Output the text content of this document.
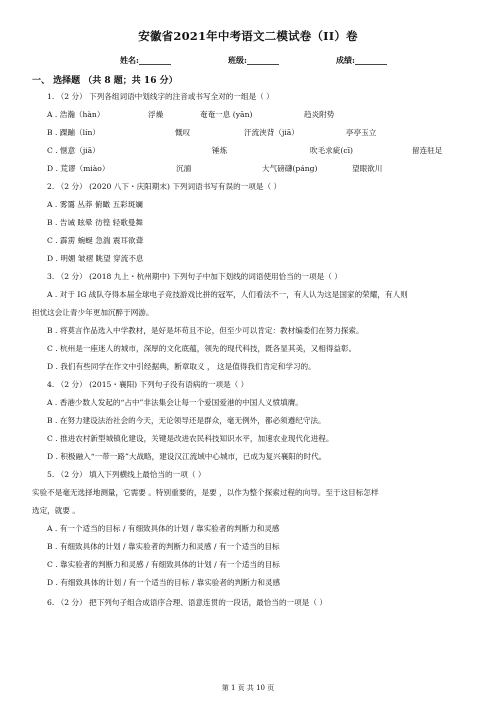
安徽省2021年中考语文二模试卷（II）卷
姓名:________	班级:________	成绩:________
一、 选择题 （共 8 题；共 16 分）
1. （2 分） 下列各组词语中划线字的注音或书写全对的一组是（ ）
A . 浩瀚（hàn）	浮燥	奄奄一息 (yān)	趋炎附势
B . 踝蹦（lín）	慨叹	汗流浃背（jiā）	亭亭玉立
C . 惬意（jiā）	锤炼	吹毛求疵(cī)	留连驻足
D . 荒谬（miào）	沉湎	大气磅礴(páng)	望眼欲川
2. （2 分） (2020 八下・庆阳期末) 下列词语书写有误的一项是（ ）
A . 雾霭 丛莽 俯瞰 五彩斑斓
B . 告诫 眩晕 彷徨 轻歌曼舞
C . 霹雳 蜿蜒 急湍 震耳欲聋
D . 明媚 皱褶 眺望 穿流不息
3. （2 分） (2018 九上・杭州期中) 下列句子中加下划线的词语使用恰当的一项是（ ）
A . 对于 IG 战队夺得本届全球电子竞技游戏比拼的冠军，人们看法不一，有人认为这是国家的荣耀，有人则
担忧这会让青少年更加沉醉于网游。
B . 将莫言作品选入中学教材，是好是坏苟且不论，但至少可以肯定：教材编委们在努力探索。
C . 杭州是一座迷人的城市，深厚的文化底蕴，领先的现代科技，既各显其美，又相得益彰。
D . 我们有些同学在作文中引经据典，断章取义 ， 这是值得我们肯定和学习的。
4. （2 分） (2015・襄阳) 下列句子没有语病的一项是（ ）
A . 香港少数人发起的“占中”非法集会让每一个爱国爱港的中国人义愤填膺。
B . 在努力建设法治社会的今天，无论领导还是群众，毫无例外，都必须遵纪守法。
C . 推进农村新型城镇化建设，关键是改进农民科技知识水平，加速农业现代化进程。
D . 积极融入“一带一路”大战略，建设汉江流域中心城市，已成为复兴襄阳的时代。
5. （2 分） 填入下列横线上最恰当的一项（ ）
实验不是毫无选择地测量，它需要 。特别重要的，是要 ，以作为整个探索过程的向导。至于这目标怎样
选定，就要 。
A . 有一个适当的目标 / 有细致具体的计划 / 靠实验者的判断力和灵感
B . 有细致具体的计划 / 靠实验者的判断力和灵感 / 有一个适当的目标
C . 靠实验者的判断力和灵感 / 有细致具体的计划 / 有一个适当的目标
D . 有细致具体的计划 / 有一个适当的目标 / 靠实验者的判断力和灵感
6. （2 分） 把下列句子组合成语序合理、语意连贯的一段话，最恰当的一项是（ ）
第 1 页 共 10 页
